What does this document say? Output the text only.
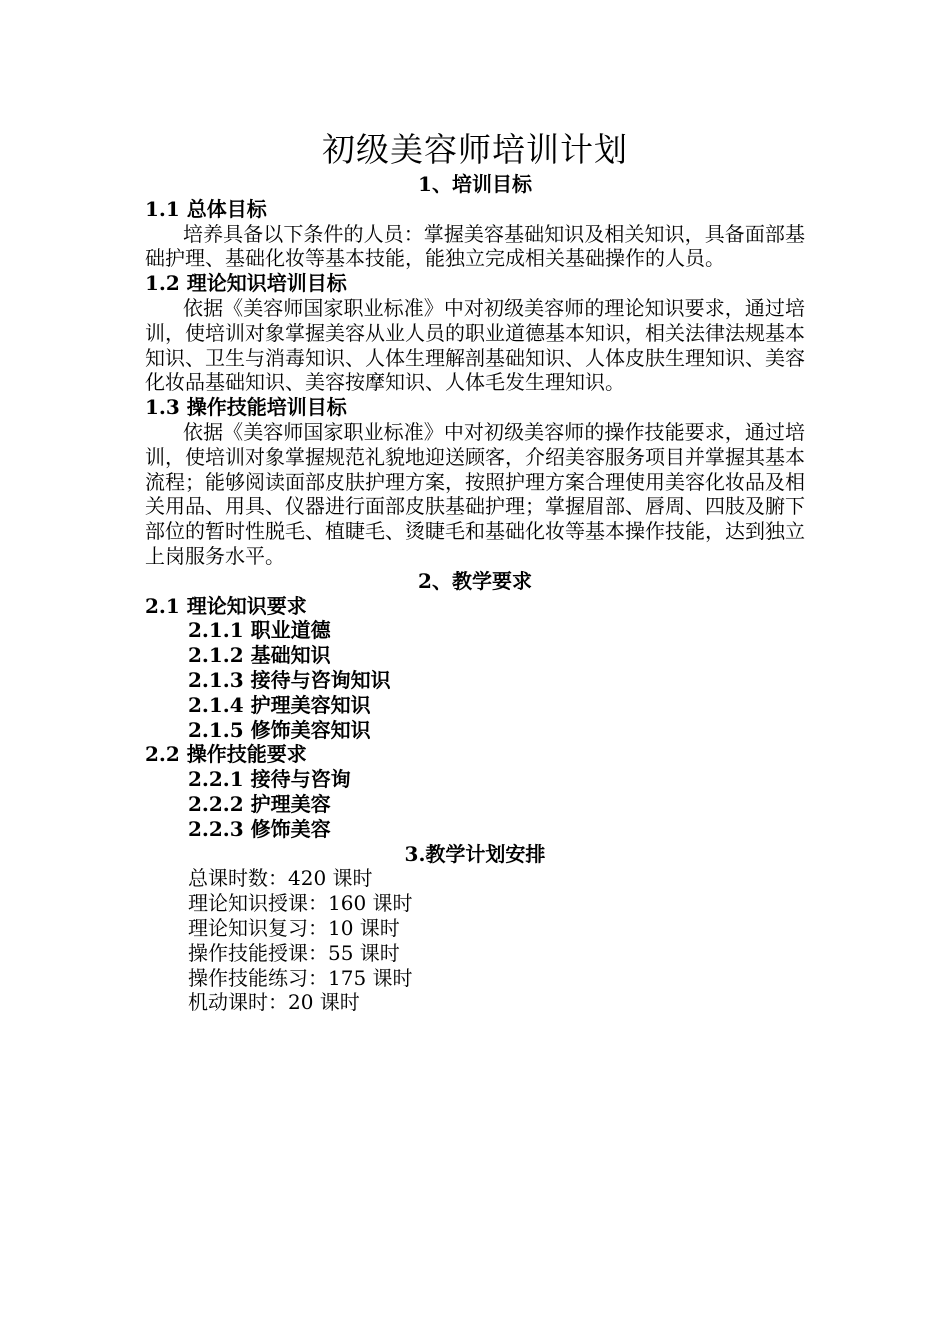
初级美容师培训计划

1、培训目标

1.1 总体目标

培养具备以下条件的人员：掌握美容基础知识及相关知识，具备面部基础护理、基础化妆等基本技能，能独立完成相关基础操作的人员。

1.2 理论知识培训目标

依据《美容师国家职业标准》中对初级美容师的理论知识要求，通过培训，使培训对象掌握美容从业人员的职业道德基本知识，相关法律法规基本知识、卫生与消毒知识、人体生理解剖基础知识、人体皮肤生理知识、美容化妆品基础知识、美容按摩知识、人体毛发生理知识。

1.3 操作技能培训目标

依据《美容师国家职业标准》中对初级美容师的操作技能要求，通过培训，使培训对象掌握规范礼貌地迎送顾客，介绍美容服务项目并掌握其基本流程；能够阅读面部皮肤护理方案，按照护理方案合理使用美容化妆品及相关用品、用具、仪器进行面部皮肤基础护理；掌握眉部、唇周、四肢及腑下部位的暂时性脱毛、植睫毛、烫睫毛和基础化妆等基本操作技能，达到独立上岗服务水平。

2、教学要求

2.1 理论知识要求

2.1.1 职业道德

2.1.2 基础知识

2.1.3 接待与咨询知识

2.1.4 护理美容知识

2.1.5 修饰美容知识

2.2 操作技能要求

2.2.1 接待与咨询

2.2.2 护理美容

2.2.3 修饰美容

3.教学计划安排

总课时数：420 课时

理论知识授课：160 课时

理论知识复习：10 课时

操作技能授课：55 课时

操作技能练习：175 课时

机动课时：20 课时
